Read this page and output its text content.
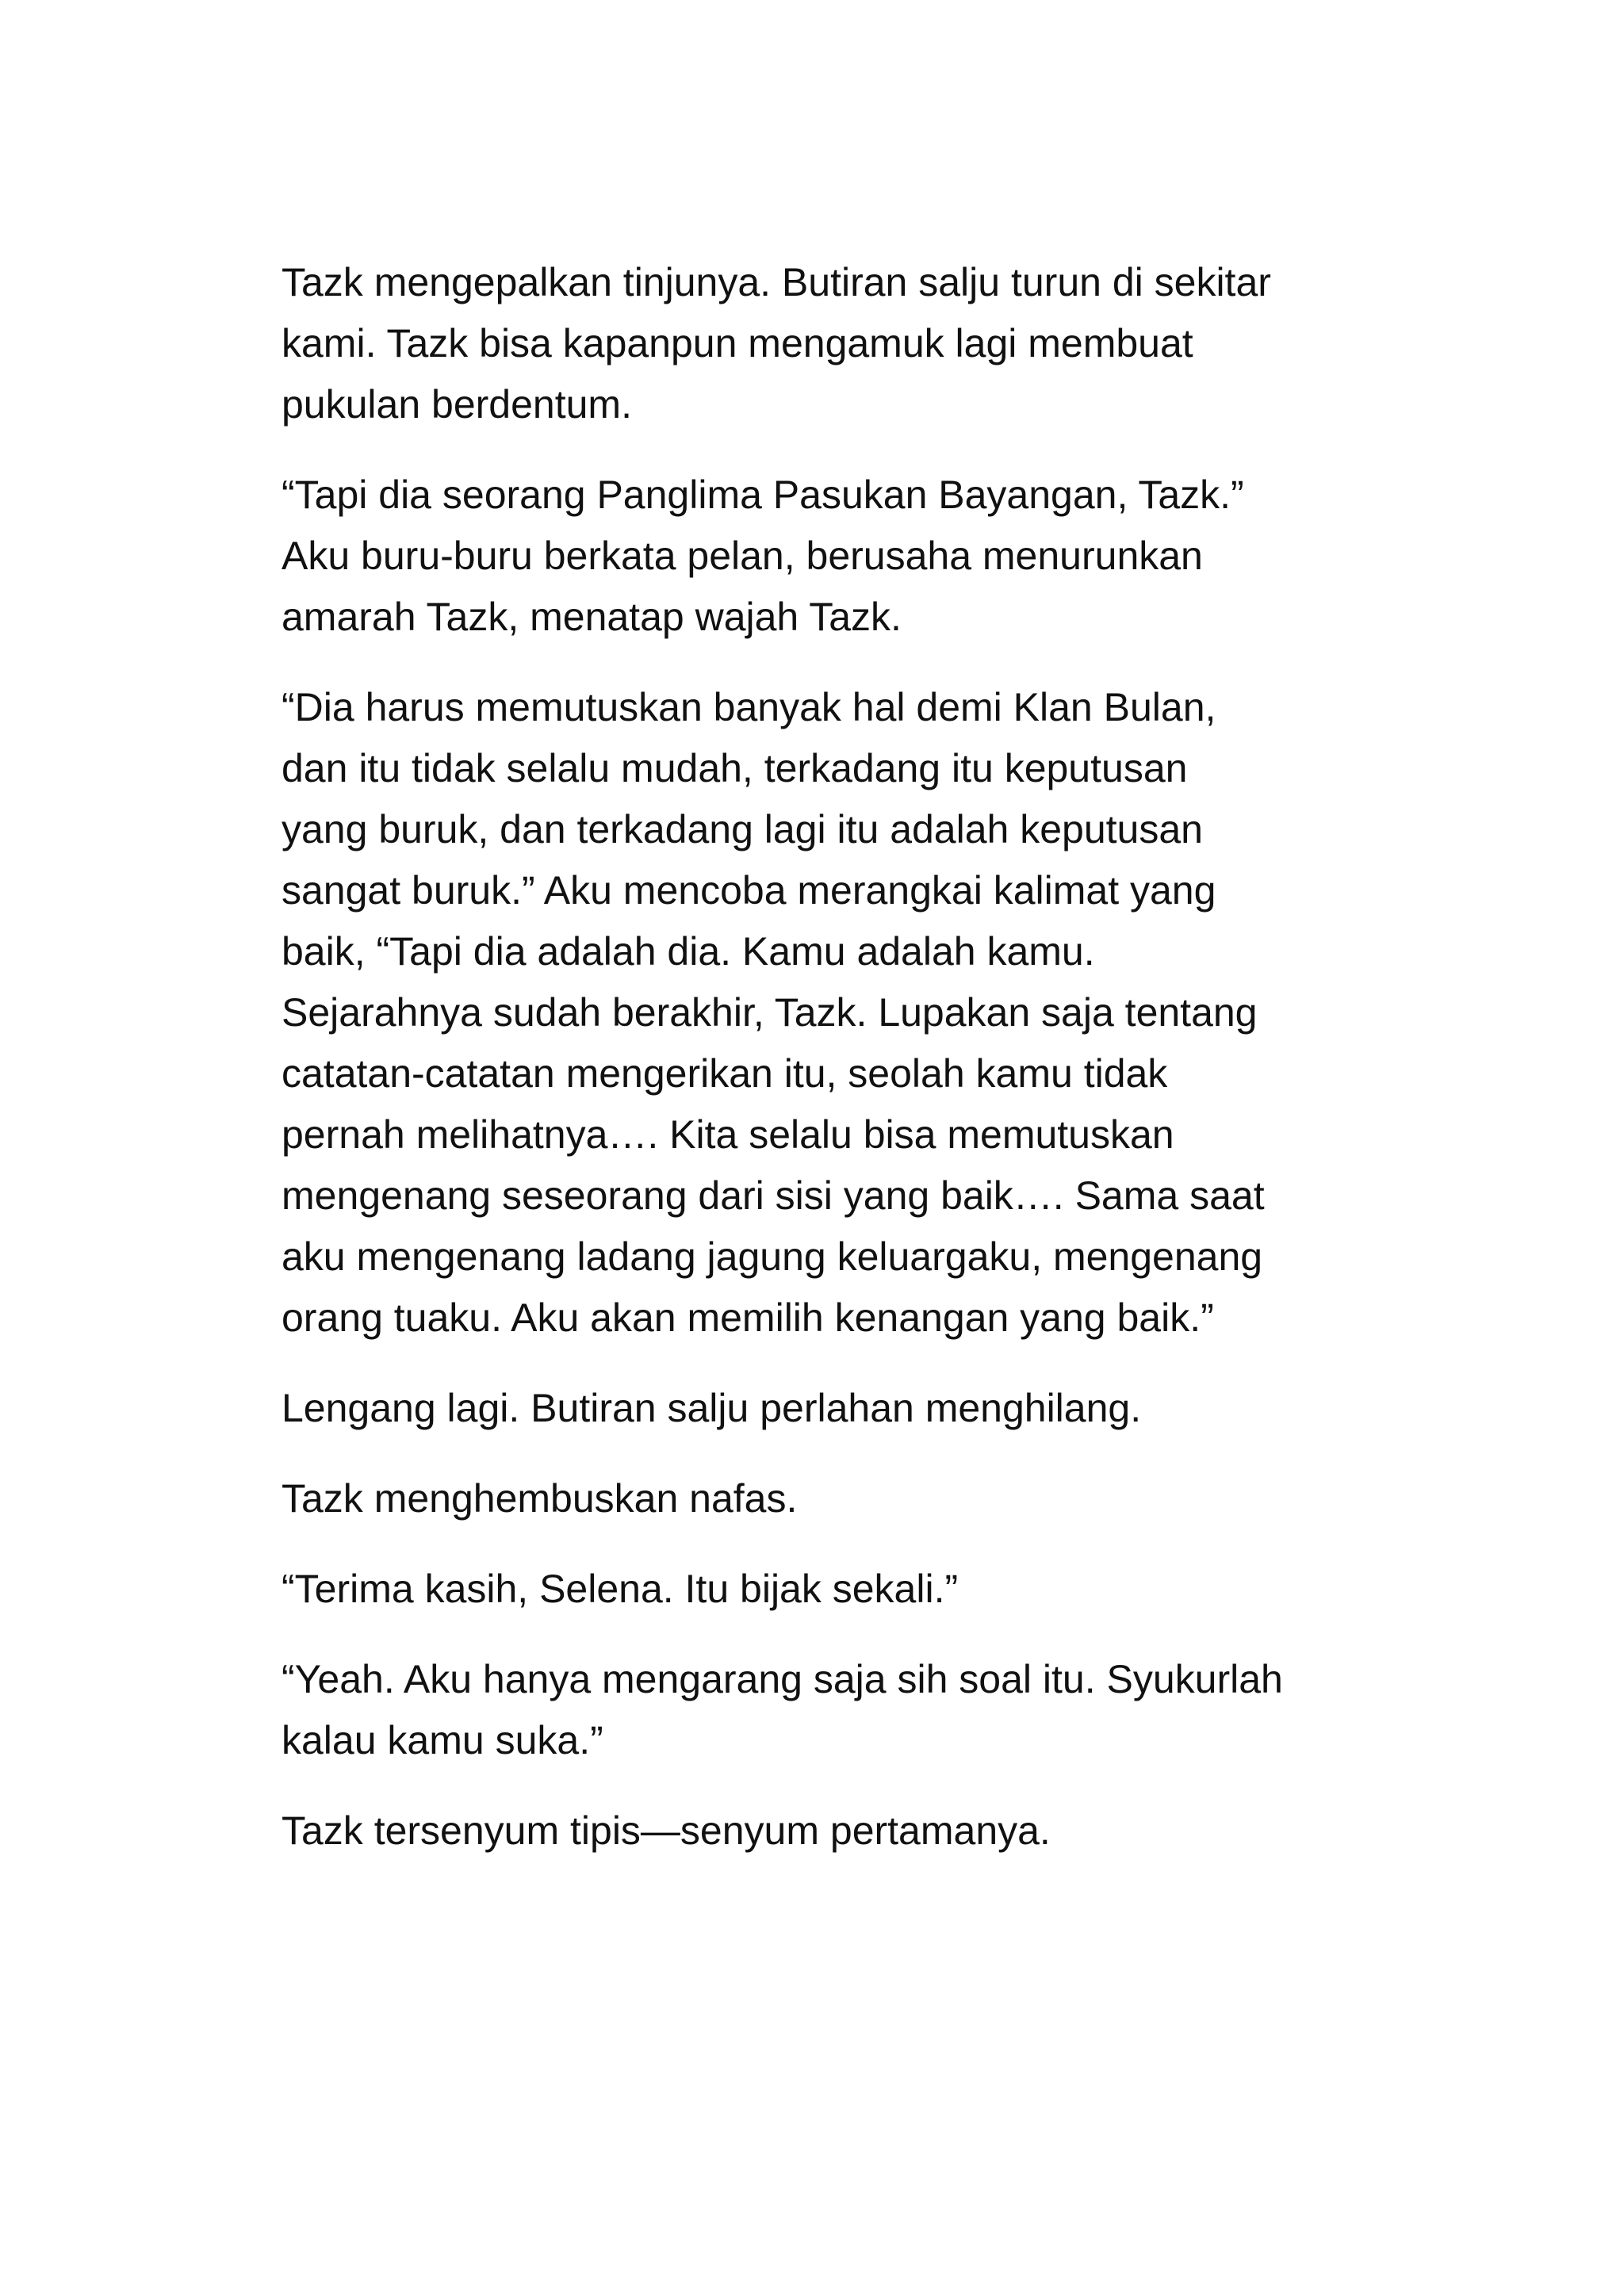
Tazk mengepalkan tinjunya. Butiran salju turun di sekitar
kami. Tazk bisa kapanpun mengamuk lagi membuat
pukulan berdentum.

“Tapi dia seorang Panglima Pasukan Bayangan, Tazk.”
Aku buru-buru berkata pelan, berusaha menurunkan
amarah Tazk, menatap wajah Tazk.

“Dia harus memutuskan banyak hal demi Klan Bulan,
dan itu tidak selalu mudah, terkadang itu keputusan
yang buruk, dan terkadang lagi itu adalah keputusan
sangat buruk.” Aku mencoba merangkai kalimat yang
baik, “Tapi dia adalah dia. Kamu adalah kamu.
Sejarahnya sudah berakhir, Tazk. Lupakan saja tentang
catatan-catatan mengerikan itu, seolah kamu tidak
pernah melihatnya…. Kita selalu bisa memutuskan
mengenang seseorang dari sisi yang baik…. Sama saat
aku mengenang ladang jagung keluargaku, mengenang
orang tuaku. Aku akan memilih kenangan yang baik.”

Lengang lagi. Butiran salju perlahan menghilang.

Tazk menghembuskan nafas.

“Terima kasih, Selena. Itu bijak sekali.”

“Yeah. Aku hanya mengarang saja sih soal itu. Syukurlah
kalau kamu suka.”

Tazk tersenyum tipis—senyum pertamanya.
